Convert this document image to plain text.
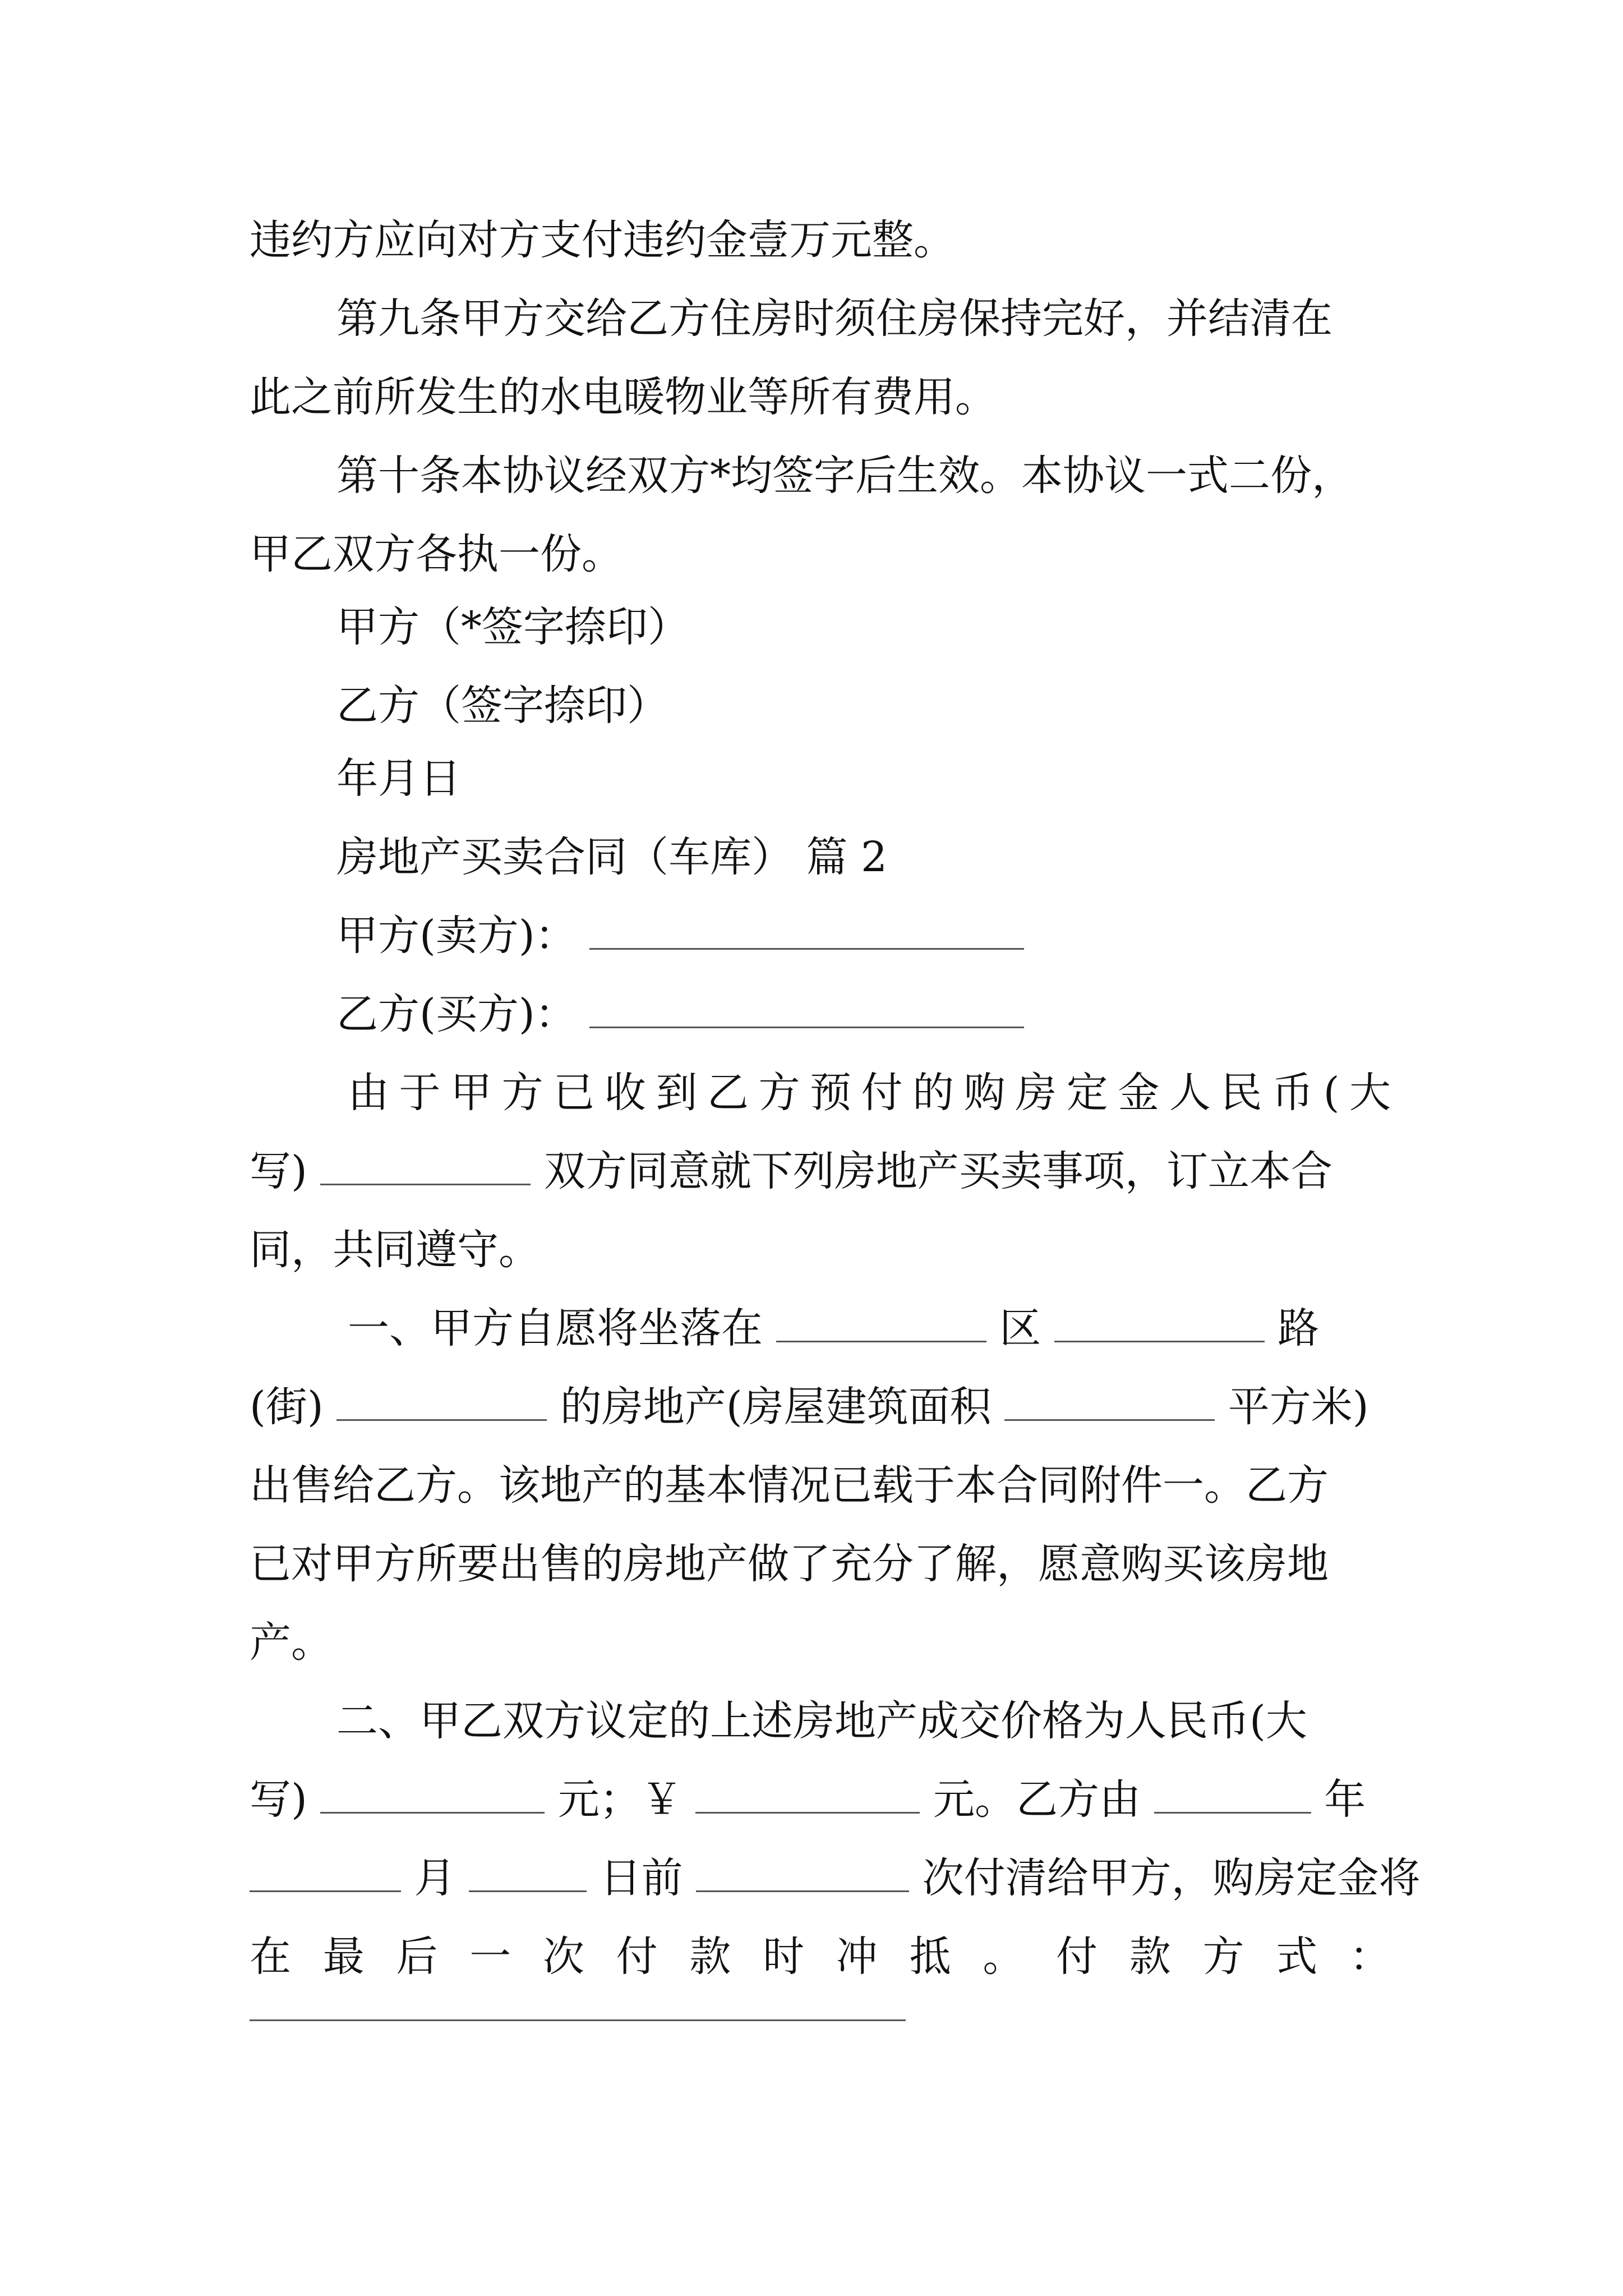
违约方应向对方支付违约金壹万元整。
第九条甲方交给乙方住房时须住房保持完好，并结清在
此之前所发生的水电暖物业等所有费用。
第十条本协议经双方*均签字后生效。本协议一式二份，
甲乙双方各执一份。
甲方（*签字捺印）
乙方（签字捺印）
年月日
房地产买卖合同（车库） 篇 2
甲方(卖方)：
乙方(买方)：
由于甲方已收到乙方预付的购房定金人民币(大
写)	双方同意就下列房地产买卖事项，订立本合
同，共同遵守。
一、甲方自愿将坐落在	区	路
(街)	的房地产(房屋建筑面积	平方米)
出售给乙方。该地产的基本情况已载于本合同附件一。乙方
已对甲方所要出售的房地产做了充分了解，愿意购买该房地
产。
二、甲乙双方议定的上述房地产成交价格为人民币(大
写)	元；￥	元。乙方由	年
月	日前	次付清给甲方，购房定金将
在 最 后 一 次 付 款 时 冲 抵 。 付 款 方 式 ：
